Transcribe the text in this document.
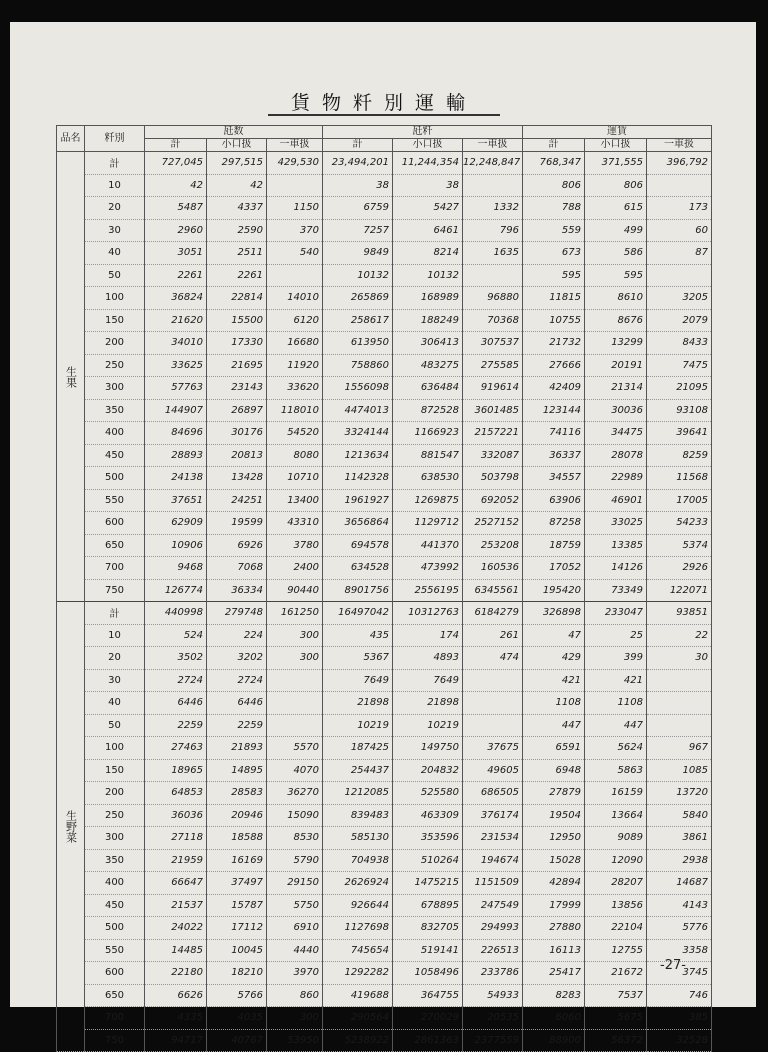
貨物粁別運輸
品名	粁別	瓩数			瓩粁			運賃		
		計	小口扱	一車扱	計	小口扱	一車扱	計	小口扱	一車扱
生果	計	727,045	297,515	429,530	23,494,201	11,244,354	12,248,847	768,347	371,555	396,792
	10	42	42		38	38		806	806	
	20	5487	4337	1150	6759	5427	1332	788	615	173
	30	2960	2590	370	7257	6461	796	559	499	60
	40	3051	2511	540	9849	8214	1635	673	586	87
	50	2261	2261		10132	10132		595	595	
	100	36824	22814	14010	265869	168989	96880	11815	8610	3205
	150	21620	15500	6120	258617	188249	70368	10755	8676	2079
	200	34010	17330	16680	613950	306413	307537	21732	13299	8433
	250	33625	21695	11920	758860	483275	275585	27666	20191	7475
	300	57763	23143	33620	1556098	636484	919614	42409	21314	21095
	350	144907	26897	118010	4474013	872528	3601485	123144	30036	93108
	400	84696	30176	54520	3324144	1166923	2157221	74116	34475	39641
	450	28893	20813	8080	1213634	881547	332087	36337	28078	8259
	500	24138	13428	10710	1142328	638530	503798	34557	22989	11568
	550	37651	24251	13400	1961927	1269875	692052	63906	46901	17005
	600	62909	19599	43310	3656864	1129712	2527152	87258	33025	54233
	650	10906	6926	3780	694578	441370	253208	18759	13385	5374
	700	9468	7068	2400	634528	473992	160536	17052	14126	2926
	750	126774	36334	90440	8901756	2556195	6345561	195420	73349	122071
生野菜	計	440998	279748	161250	16497042	10312763	6184279	326898	233047	93851
	10	524	224	300	435	174	261	47	25	22
	20	3502	3202	300	5367	4893	474	429	399	30
	30	2724	2724		7649	7649		421	421	
	40	6446	6446		21898	21898		1108	1108	
	50	2259	2259		10219	10219		447	447	
	100	27463	21893	5570	187425	149750	37675	6591	5624	967
	150	18965	14895	4070	254437	204832	49605	6948	5863	1085
	200	64853	28583	36270	1212085	525580	686505	27879	16159	13720
	250	36036	20946	15090	839483	463309	376174	19504	13664	5840
	300	27118	18588	8530	585130	353596	231534	12950	9089	3861
	350	21959	16169	5790	704938	510264	194674	15028	12090	2938
	400	66647	37497	29150	2626924	1475215	1151509	42894	28207	14687
	450	21537	15787	5750	926644	678895	247549	17999	13856	4143
	500	24022	17112	6910	1127698	832705	294993	27880	22104	5776
	550	14485	10045	4440	745654	519141	226513	16113	12755	3358
	600	22180	18210	3970	1292282	1058496	233786	25417	21672	3745
	650	6626	5766	860	419688	364755	54933	8283	7537	746
	700	4335	4035	300	290564	270029	20535	6060	5675	385
	750	94717	40767	53950	5238922	2861363	2377559	88900	56372	32528
-27-
